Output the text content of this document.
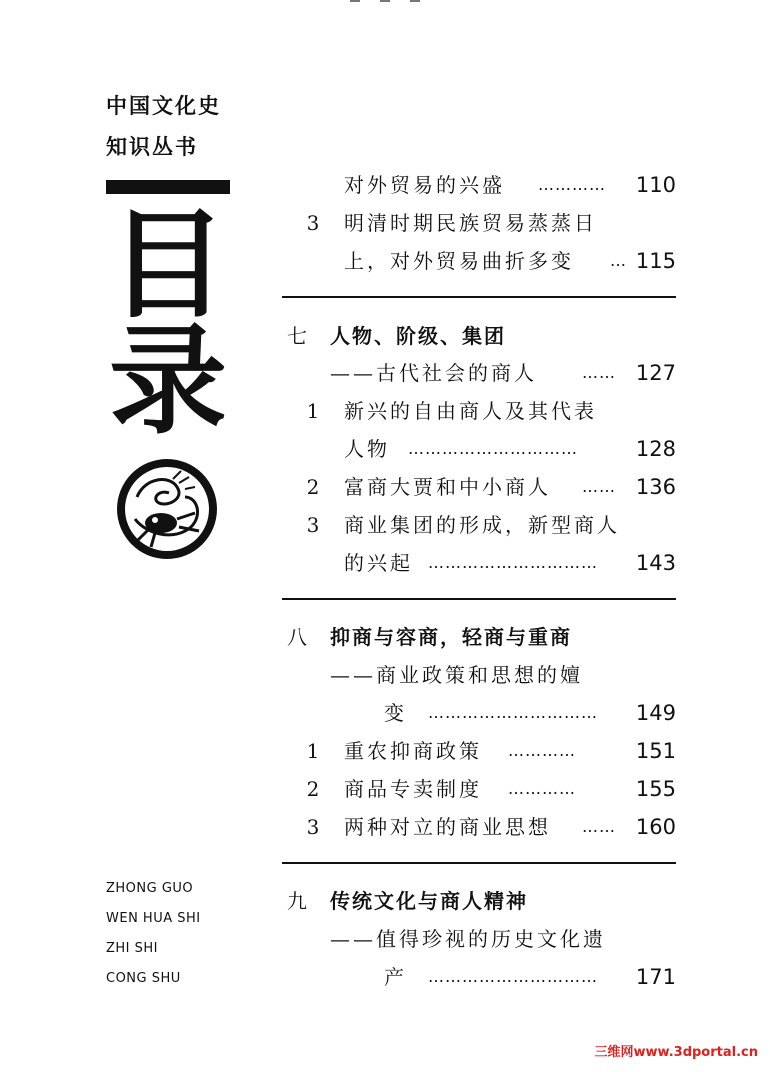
中国文化史
知识丛书
目
录
ZHONG GUO
WEN HUA SHI
ZHI SHI
CONG SHU
对外贸易的兴盛 ………… 110
3	明清时期民族贸易蒸蒸日
上，对外贸易曲折多变 … 115
七 人物、阶级、集团
——古代社会的商人	…… 127
1	新兴的自由商人及其代表
人物 …………………………	128
2	富商大贾和中小商人 …… 136
3	商业集团的形成，新型商人
的兴起 ………………………… 143
八 抑商与容商，轻商与重商
——商业政策和思想的嬗
变 ………………………… 149
1	重农抑商政策 …………	151
2	商品专卖制度 …………	155
3	两种对立的商业思想 …… 160
九 传统文化与商人精神
——值得珍视的历史文化遗
产 ………………………… 171
三维网www.3dportal.cn
